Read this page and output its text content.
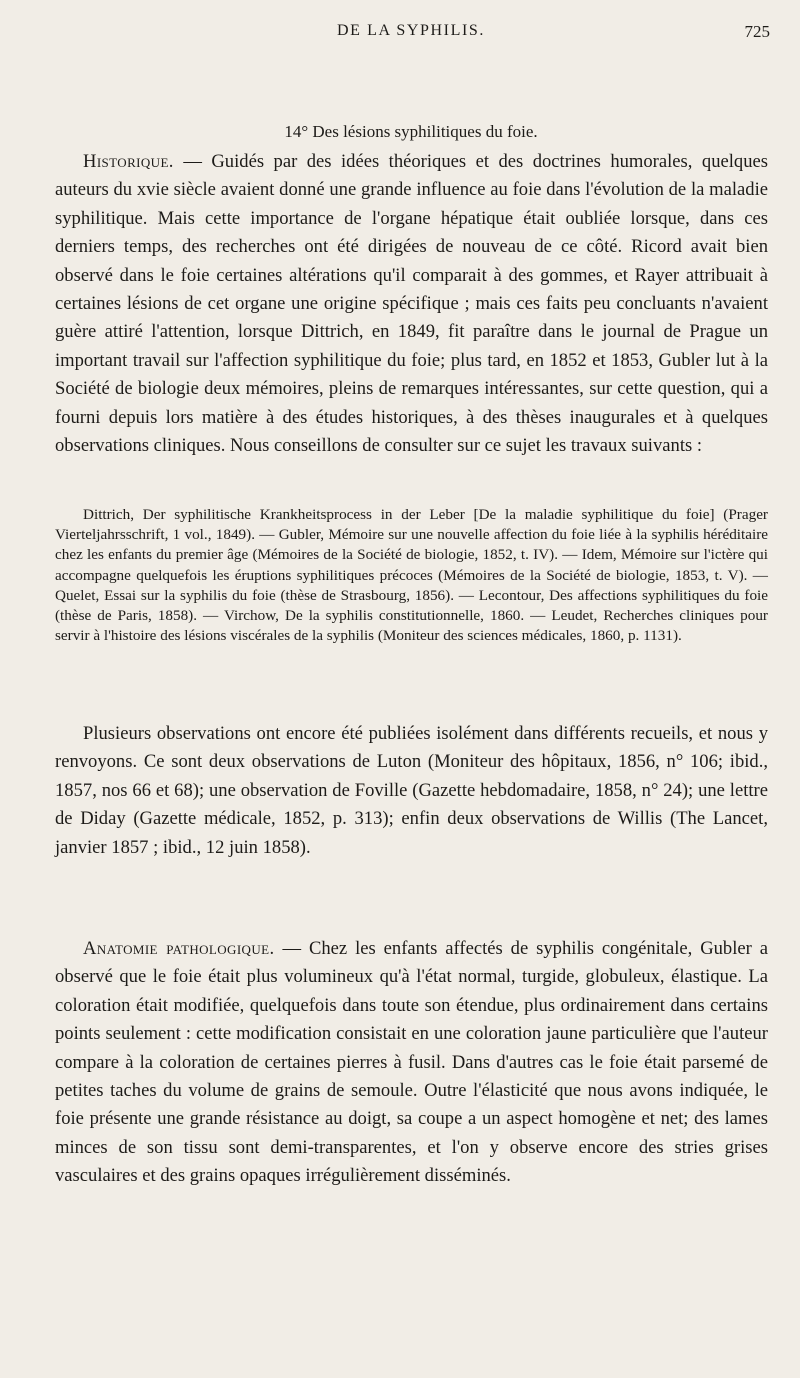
DE LA SYPHILIS.	725
14° Des lésions syphilitiques du foie.

Historique. — Guidés par des idées théoriques et des doctrines humorales, quelques auteurs du xvie siècle avaient donné une grande influence au foie dans l'évolution de la maladie syphilitique. Mais cette importance de l'organe hépatique était oubliée lorsque, dans ces derniers temps, des recherches ont été dirigées de nouveau de ce côté. Ricord avait bien observé dans le foie certaines altérations qu'il comparait à des gommes, et Rayer attribuait à certaines lésions de cet organe une origine spécifique ; mais ces faits peu concluants n'avaient guère attiré l'attention, lorsque Dittrich, en 1849, fit paraître dans le journal de Prague un important travail sur l'affection syphilitique du foie; plus tard, en 1852 et 1853, Gubler lut à la Société de biologie deux mémoires, pleins de remarques intéressantes, sur cette question, qui a fourni depuis lors matière à des études historiques, à des thèses inaugurales et à quelques observations cliniques. Nous conseillons de consulter sur ce sujet les travaux suivants :

Dittrich, Der syphilitische Krankheitsprocess in der Leber [De la maladie syphilitique du foie] (Prager Vierteljahrsschrift, 1 vol., 1849). — Gubler, Mémoire sur une nouvelle affection du foie liée à la syphilis héréditaire chez les enfants du premier âge (Mémoires de la Société de biologie, 1852, t. IV). — Idem, Mémoire sur l'ictère qui accompagne quelquefois les éruptions syphilitiques précoces (Mémoires de la Société de biologie, 1853, t. V). — Quelet, Essai sur la syphilis du foie (thèse de Strasbourg, 1856). — Lecontour, Des affections syphilitiques du foie (thèse de Paris, 1858). — Virchow, De la syphilis constitutionnelle, 1860. — Leudet, Recherches cliniques pour servir à l'histoire des lésions viscérales de la syphilis (Moniteur des sciences médicales, 1860, p. 1131).

Plusieurs observations ont encore été publiées isolément dans différents recueils, et nous y renvoyons. Ce sont deux observations de Luton (Moniteur des hôpitaux, 1856, n° 106; ibid., 1857, nos 66 et 68); une observation de Foville (Gazette hebdomadaire, 1858, n° 24); une lettre de Diday (Gazette médicale, 1852, p. 313); enfin deux observations de Willis (The Lancet, janvier 1857 ; ibid., 12 juin 1858).

Anatomie pathologique. — Chez les enfants affectés de syphilis congénitale, Gubler a observé que le foie était plus volumineux qu'à l'état normal, turgide, globuleux, élastique. La coloration était modifiée, quelquefois dans toute son étendue, plus ordinairement dans certains points seulement : cette modification consistait en une coloration jaune particulière que l'auteur compare à la coloration de certaines pierres à fusil. Dans d'autres cas le foie était parsemé de petites taches du volume de grains de semoule. Outre l'élasticité que nous avons indiquée, le foie présente une grande résistance au doigt, sa coupe a un aspect homogène et net; des lames minces de son tissu sont demi-transparentes, et l'on y observe encore des stries grises vasculaires et des grains opaques irrégulièrement disséminés.
